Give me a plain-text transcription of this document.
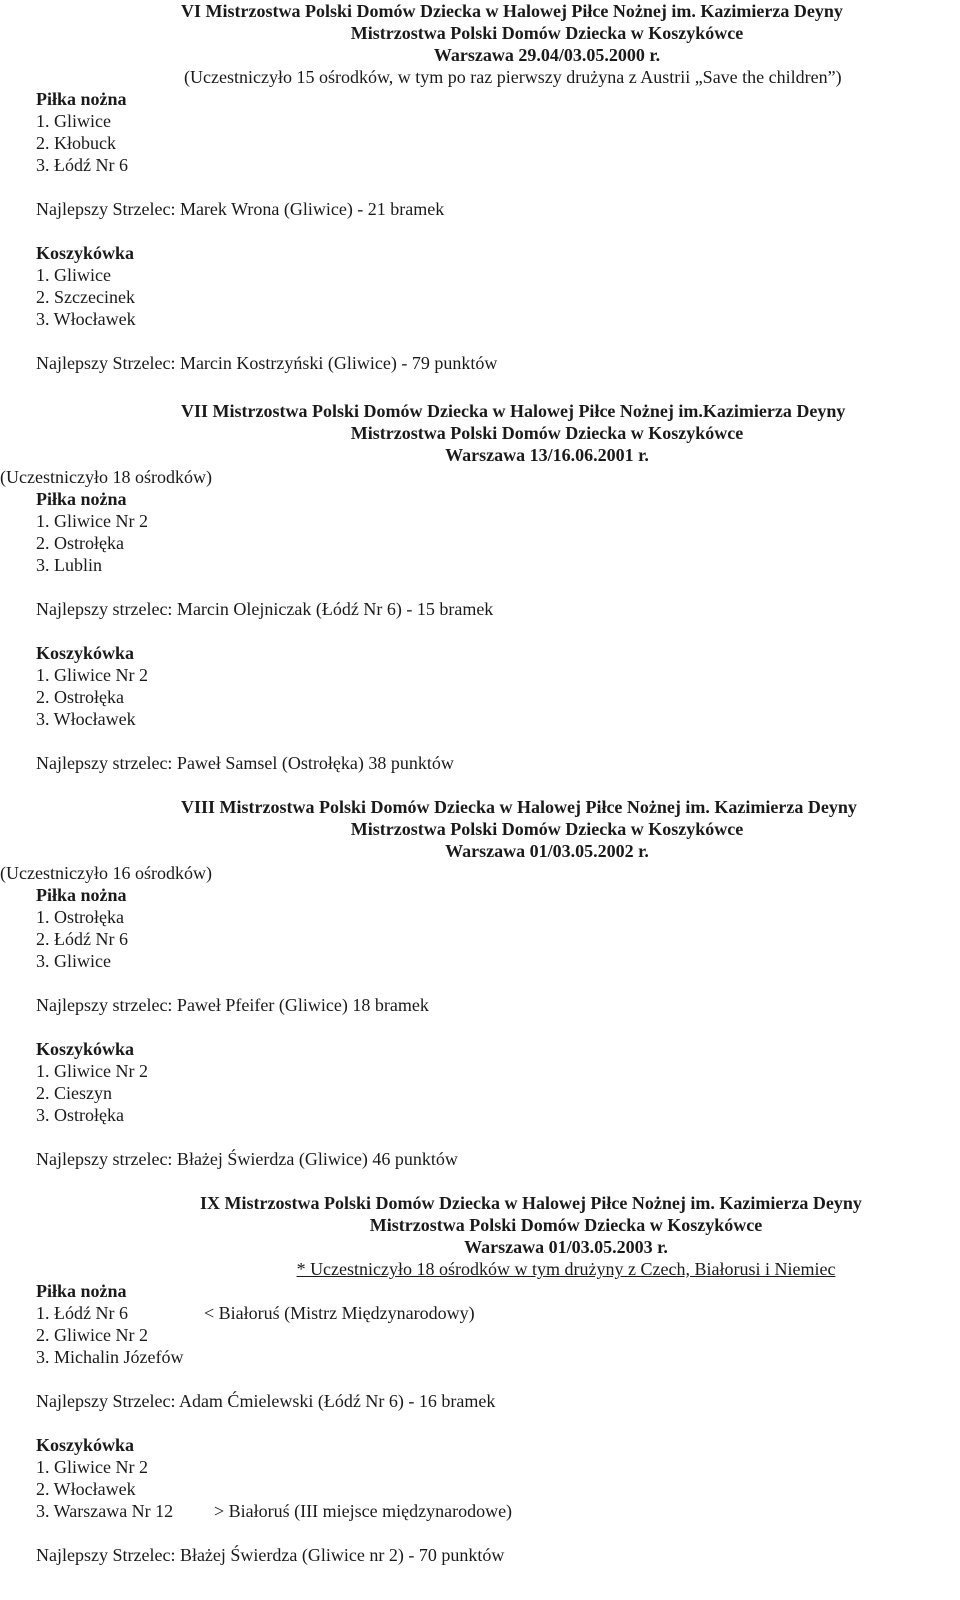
VI Mistrzostwa Polski Domów Dziecka w Halowej Piłce Nożnej im. Kazimierza Deyny
Mistrzostwa Polski Domów Dziecka w Koszykówce
Warszawa 29.04/03.05.2000 r.
(Uczestniczyło 15 ośrodków, w tym po raz pierwszy drużyna z Austrii „Save the children”)
Piłka nożna
1. Gliwice
2. Kłobuck
3. Łódź Nr 6
Najlepszy Strzelec: Marek Wrona (Gliwice) - 21 bramek
Koszykówka
1. Gliwice
2. Szczecinek
3. Włocławek
Najlepszy Strzelec: Marcin Kostrzyński (Gliwice) - 79 punktów
VII Mistrzostwa Polski Domów Dziecka w Halowej Piłce Nożnej im.Kazimierza Deyny
Mistrzostwa Polski Domów Dziecka w Koszykówce
Warszawa 13/16.06.2001 r.
(Uczestniczyło 18 ośrodków)
Piłka nożna
1. Gliwice Nr 2
2. Ostrołęka
3. Lublin
Najlepszy strzelec: Marcin Olejniczak (Łódź Nr 6) - 15 bramek
Koszykówka
1. Gliwice Nr 2
2. Ostrołęka
3. Włocławek
Najlepszy strzelec: Paweł Samsel (Ostrołęka) 38 punktów
VIII Mistrzostwa Polski Domów Dziecka w Halowej Piłce Nożnej im. Kazimierza Deyny
Mistrzostwa Polski Domów Dziecka w Koszykówce
Warszawa 01/03.05.2002 r.
(Uczestniczyło 16 ośrodków)
Piłka nożna
1. Ostrołęka
2. Łódź Nr 6
3. Gliwice
Najlepszy strzelec: Paweł Pfeifer (Gliwice) 18 bramek
Koszykówka
1. Gliwice Nr 2
2. Cieszyn
3. Ostrołęka
Najlepszy strzelec: Błażej Świerdza (Gliwice) 46 punktów
IX Mistrzostwa Polski Domów Dziecka w Halowej Piłce Nożnej im. Kazimierza Deyny
Mistrzostwa Polski Domów Dziecka w Koszykówce
Warszawa 01/03.05.2003 r.
* Uczestniczyło 18 ośrodków w tym drużyny z Czech, Białorusi i Niemiec
Piłka nożna
1. Łódź Nr 6	< Białoruś (Mistrz Międzynarodowy)
2. Gliwice Nr 2
3. Michalin Józefów
Najlepszy Strzelec: Adam Ćmielewski (Łódź Nr 6) - 16 bramek
Koszykówka
1. Gliwice Nr 2
2. Włocławek
3. Warszawa Nr 12 > Białoruś (III miejsce międzynarodowe)
Najlepszy Strzelec: Błażej Świerdza (Gliwice nr 2) - 70 punktów
